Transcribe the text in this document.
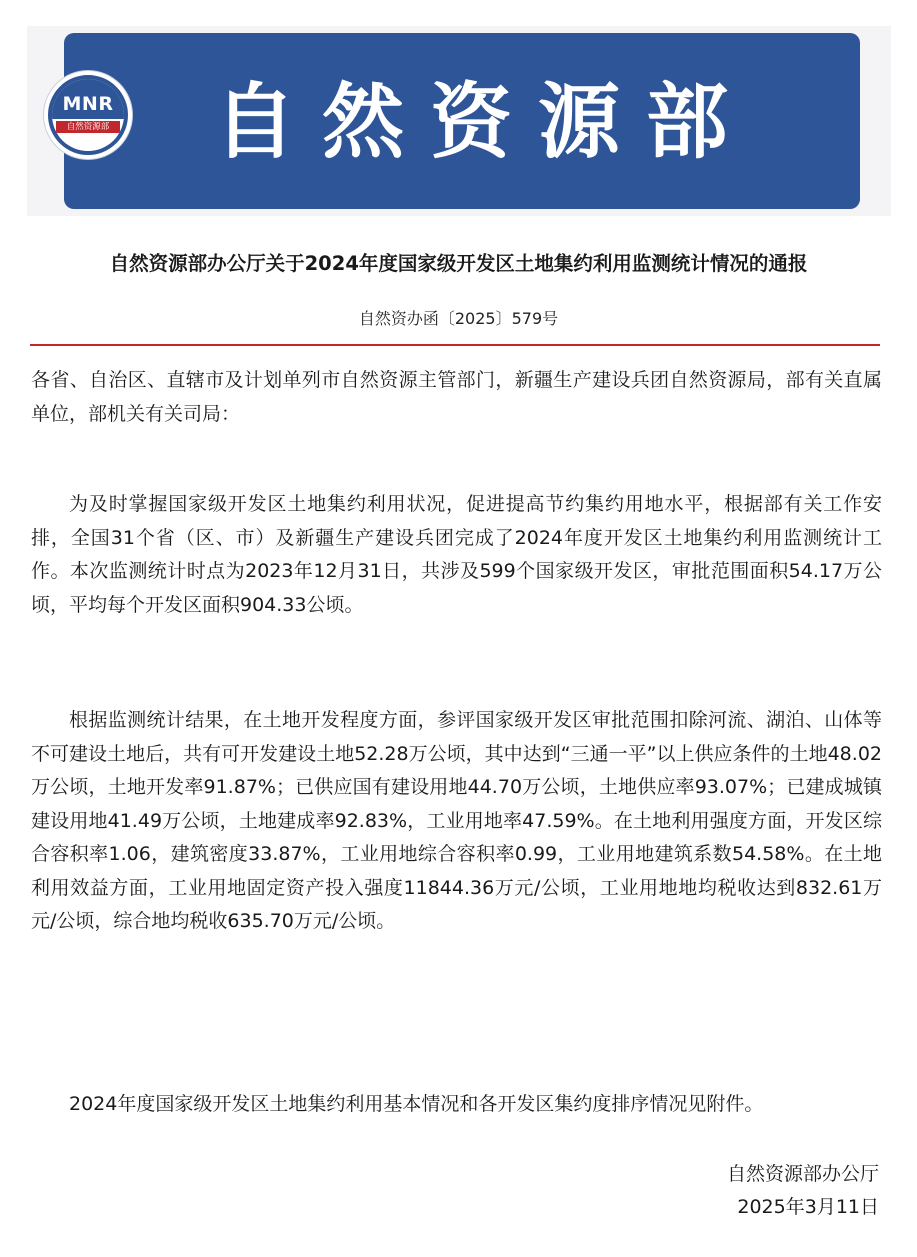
MNR
自然资源部 自然资源部
自然资源部办公厅关于2024年度国家级开发区土地集约利用监测统计情况的通报
自然资办函〔2025〕579号

各省、自治区、直辖市及计划单列市自然资源主管部门，新疆生产建设兵团自然资源局，部有关直属单位，部机关有关司局：

为及时掌握国家级开发区土地集约利用状况，促进提高节约集约用地水平，根据部有关工作安排，全国31个省（区、市）及新疆生产建设兵团完成了2024年度开发区土地集约利用监测统计工作。本次监测统计时点为2023年12月31日，共涉及599个国家级开发区，审批范围面积54.17万公顷，平均每个开发区面积904.33公顷。

根据监测统计结果，在土地开发程度方面，参评国家级开发区审批范围扣除河流、湖泊、山体等不可建设土地后，共有可开发建设土地52.28万公顷，其中达到“三通一平”以上供应条件的土地48.02万公顷，土地开发率91.87%；已供应国有建设用地44.70万公顷，土地供应率93.07%；已建成城镇建设用地41.49万公顷，土地建成率92.83%，工业用地率47.59%。在土地利用强度方面，开发区综合容积率1.06，建筑密度33.87%，工业用地综合容积率0.99，工业用地建筑系数54.58%。在土地利用效益方面，工业用地固定资产投入强度11844.36万元/公顷，工业用地地均税收达到832.61万元/公顷，综合地均税收635.70万元/公顷。

2024年度国家级开发区土地集约利用基本情况和各开发区集约度排序情况见附件。

自然资源部办公厅
2025年3月11日
